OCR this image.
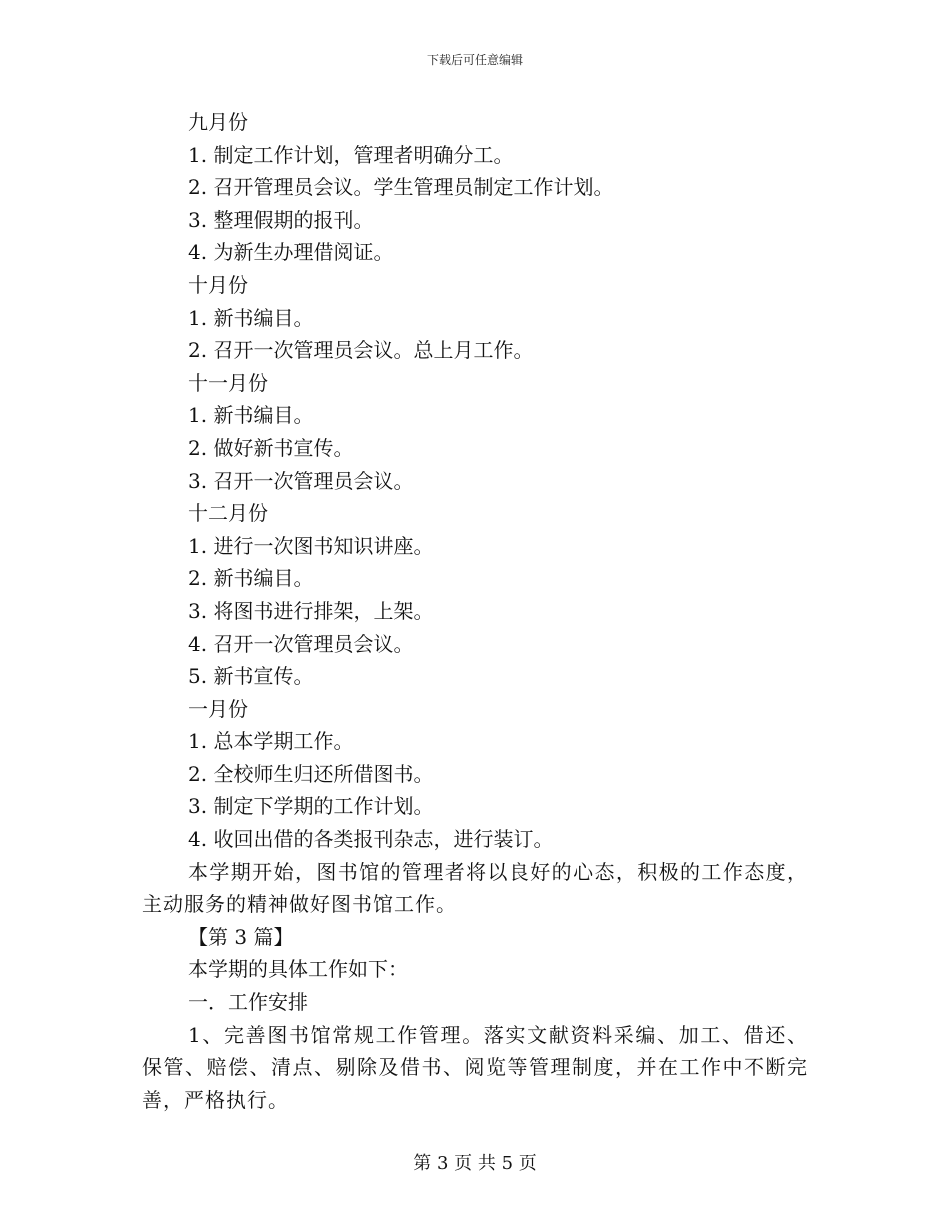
下载后可任意编辑
九月份
1. 制定工作计划，管理者明确分工。
2. 召开管理员会议。学生管理员制定工作计划。
3. 整理假期的报刊。
4. 为新生办理借阅证。
十月份
1. 新书编目。
2. 召开一次管理员会议。总上月工作。
十一月份
1. 新书编目。
2. 做好新书宣传。
3. 召开一次管理员会议。
十二月份
1. 进行一次图书知识讲座。
2. 新书编目。
3. 将图书进行排架，上架。
4. 召开一次管理员会议。
5. 新书宣传。
一月份
1. 总本学期工作。
2. 全校师生归还所借图书。
3. 制定下学期的工作计划。
4. 收回出借的各类报刊杂志，进行装订。
本学期开始，图书馆的管理者将以良好的心态，积极的工作态度，主动服务的精神做好图书馆工作。
【第 3 篇】
本学期的具体工作如下：
一．工作安排
1、完善图书馆常规工作管理。落实文献资料采编、加工、借还、保管、赔偿、清点、剔除及借书、阅览等管理制度，并在工作中不断完善，严格执行。
第 3 页 共 5 页
